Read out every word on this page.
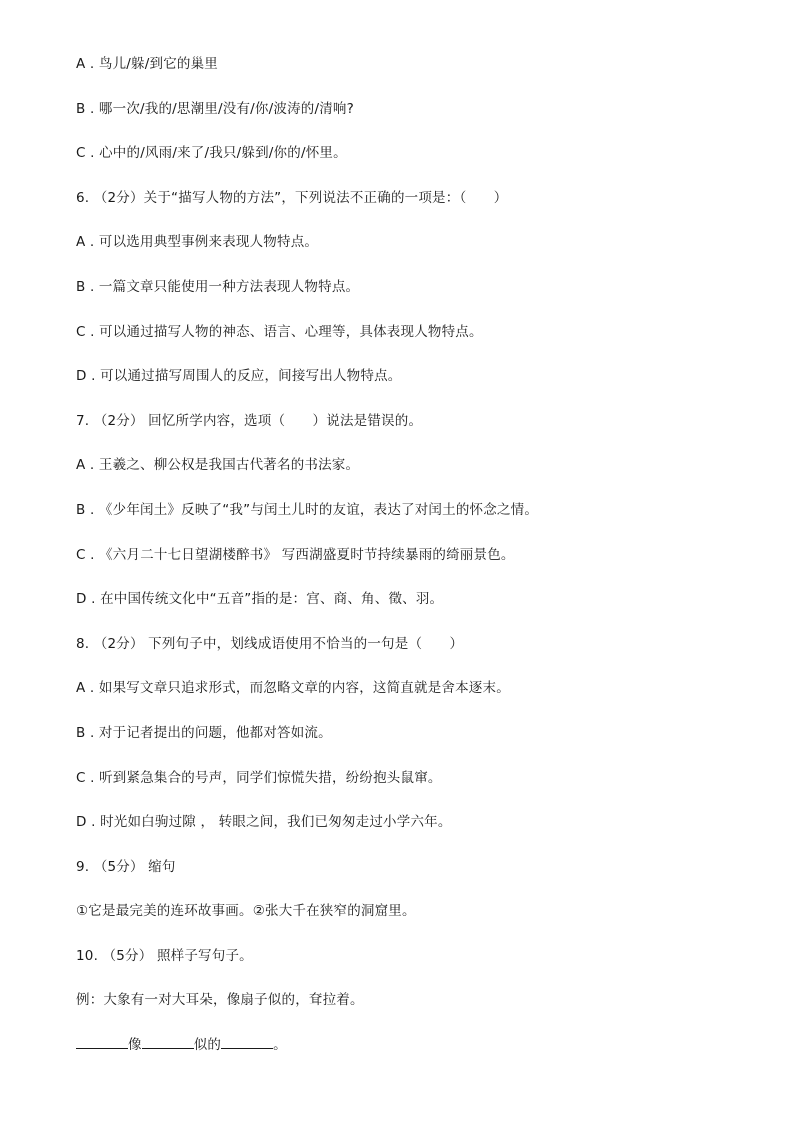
A . 鸟儿/躲/到它的巢里
B . 哪一次/我的/思潮里/没有/你/波涛的/清响?
C . 心中的/风雨/来了/我只/躲到/你的/怀里。
6. （2分）关于“描写人物的方法”，下列说法不正确的一项是：（　　）
A . 可以选用典型事例来表现人物特点。
B . 一篇文章只能使用一种方法表现人物特点。
C . 可以通过描写人物的神态、语言、心理等，具体表现人物特点。
D . 可以通过描写周围人的反应，间接写出人物特点。
7. （2分） 回忆所学内容，选项（　　）说法是错误的。
A . 王羲之、柳公权是我国古代著名的书法家。
B . 《少年闰土》反映了“我”与闰土儿时的友谊，表达了对闰土的怀念之情。
C . 《六月二十七日望湖楼醉书》 写西湖盛夏时节持续暴雨的绮丽景色。
D . 在中国传统文化中“五音”指的是：宫、商、角、徵、羽。
8. （2分） 下列句子中，划线成语使用不恰当的一句是（　　）
A . 如果写文章只追求形式，而忽略文章的内容，这简直就是舍本逐末。
B . 对于记者提出的问题，他都对答如流。
C . 听到紧急集合的号声，同学们惊慌失措，纷纷抱头鼠窜。
D . 时光如白驹过隙 ， 转眼之间，我们已匆匆走过小学六年。
9. （5分） 缩句
①它是最完美的连环故事画。②张大千在狭窄的洞窟里。
10. （5分） 照样子写句子。
例：大象有一对大耳朵，像扇子似的，耷拉着。
像	似的	。
